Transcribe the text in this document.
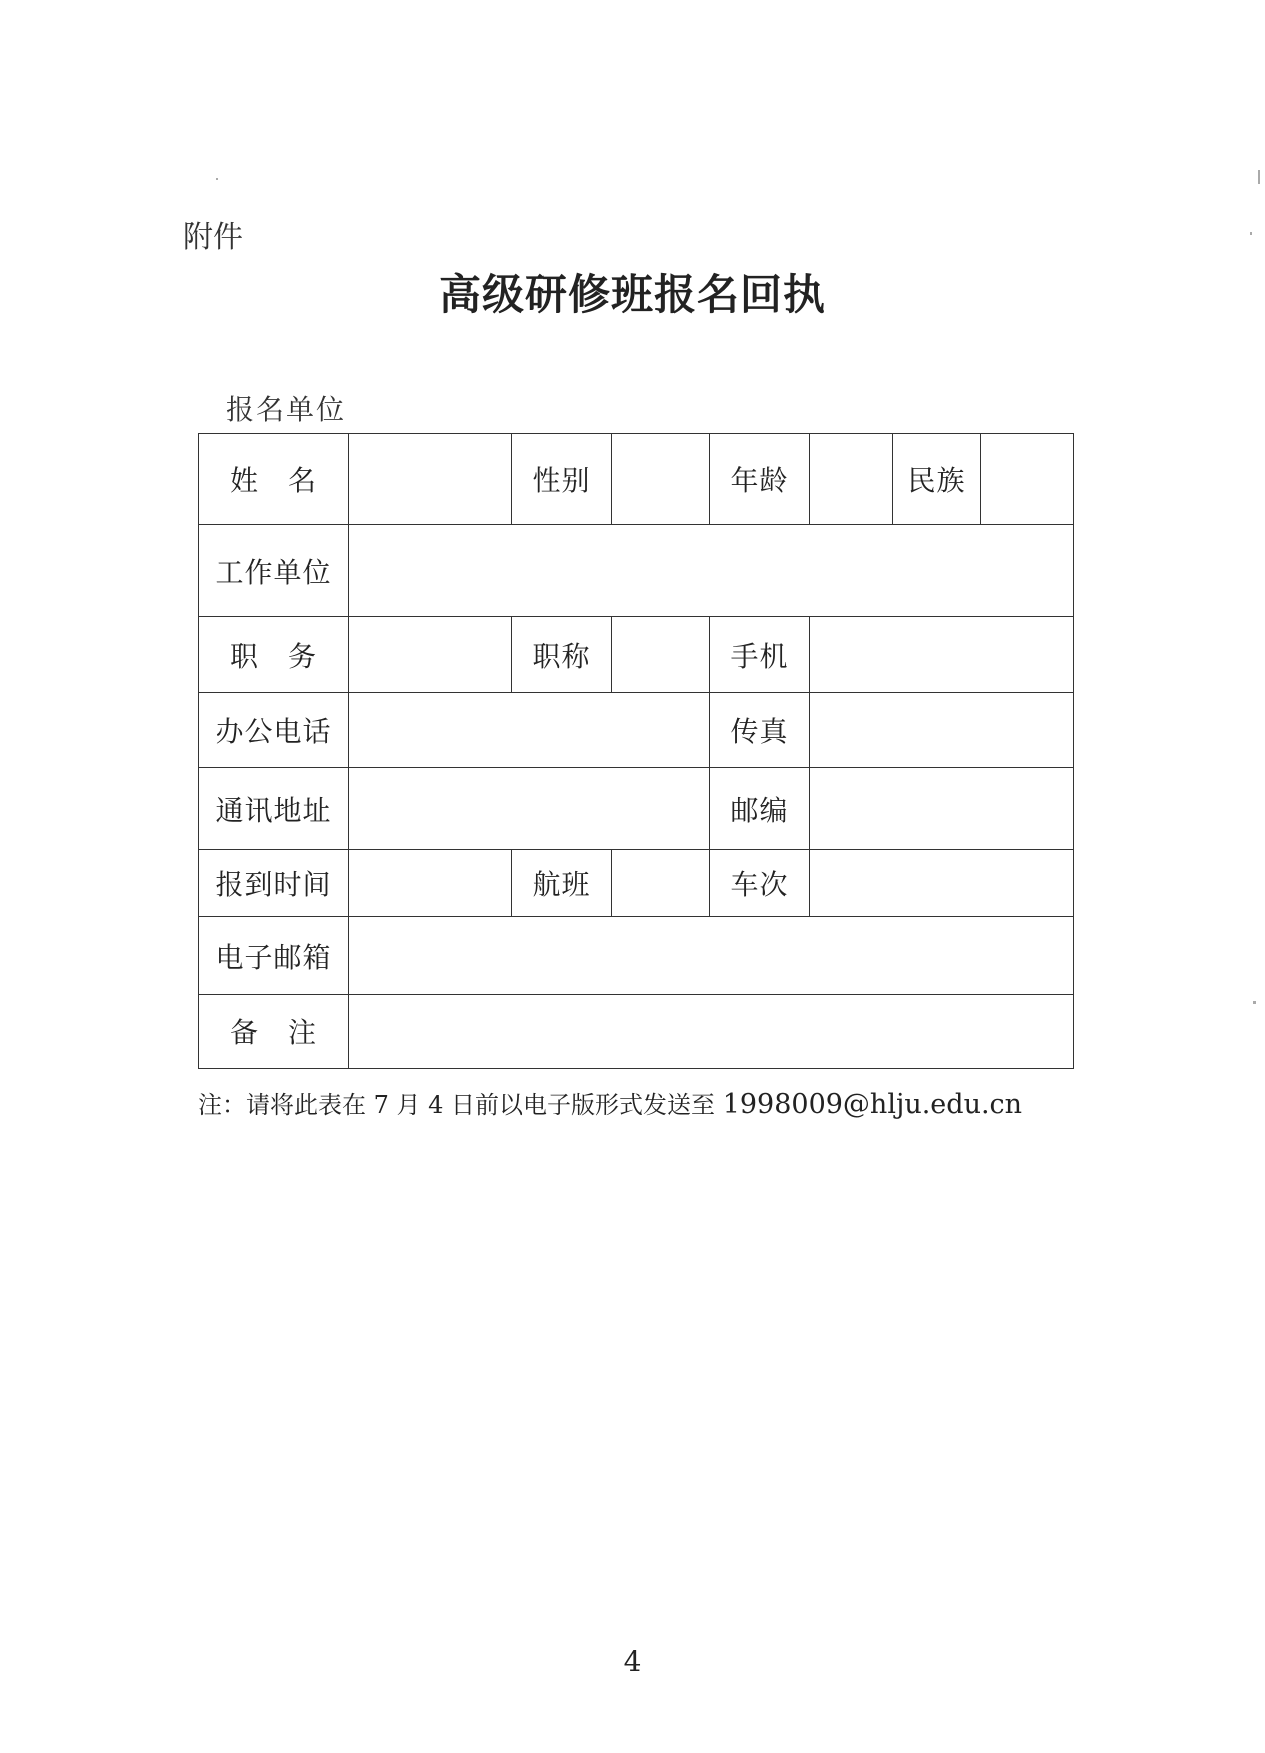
附件
高级研修班报名回执
报名单位
姓　名		性别		年龄		民族	
工作单位							
职　务		职称		手机			
办公电话				传真			
通讯地址				邮编			
报到时间		航班		车次			
电子邮箱							
备　注							
注：请将此表在 7 月 4 日前以电子版形式发送至 1998009@hlju.edu.cn
4
